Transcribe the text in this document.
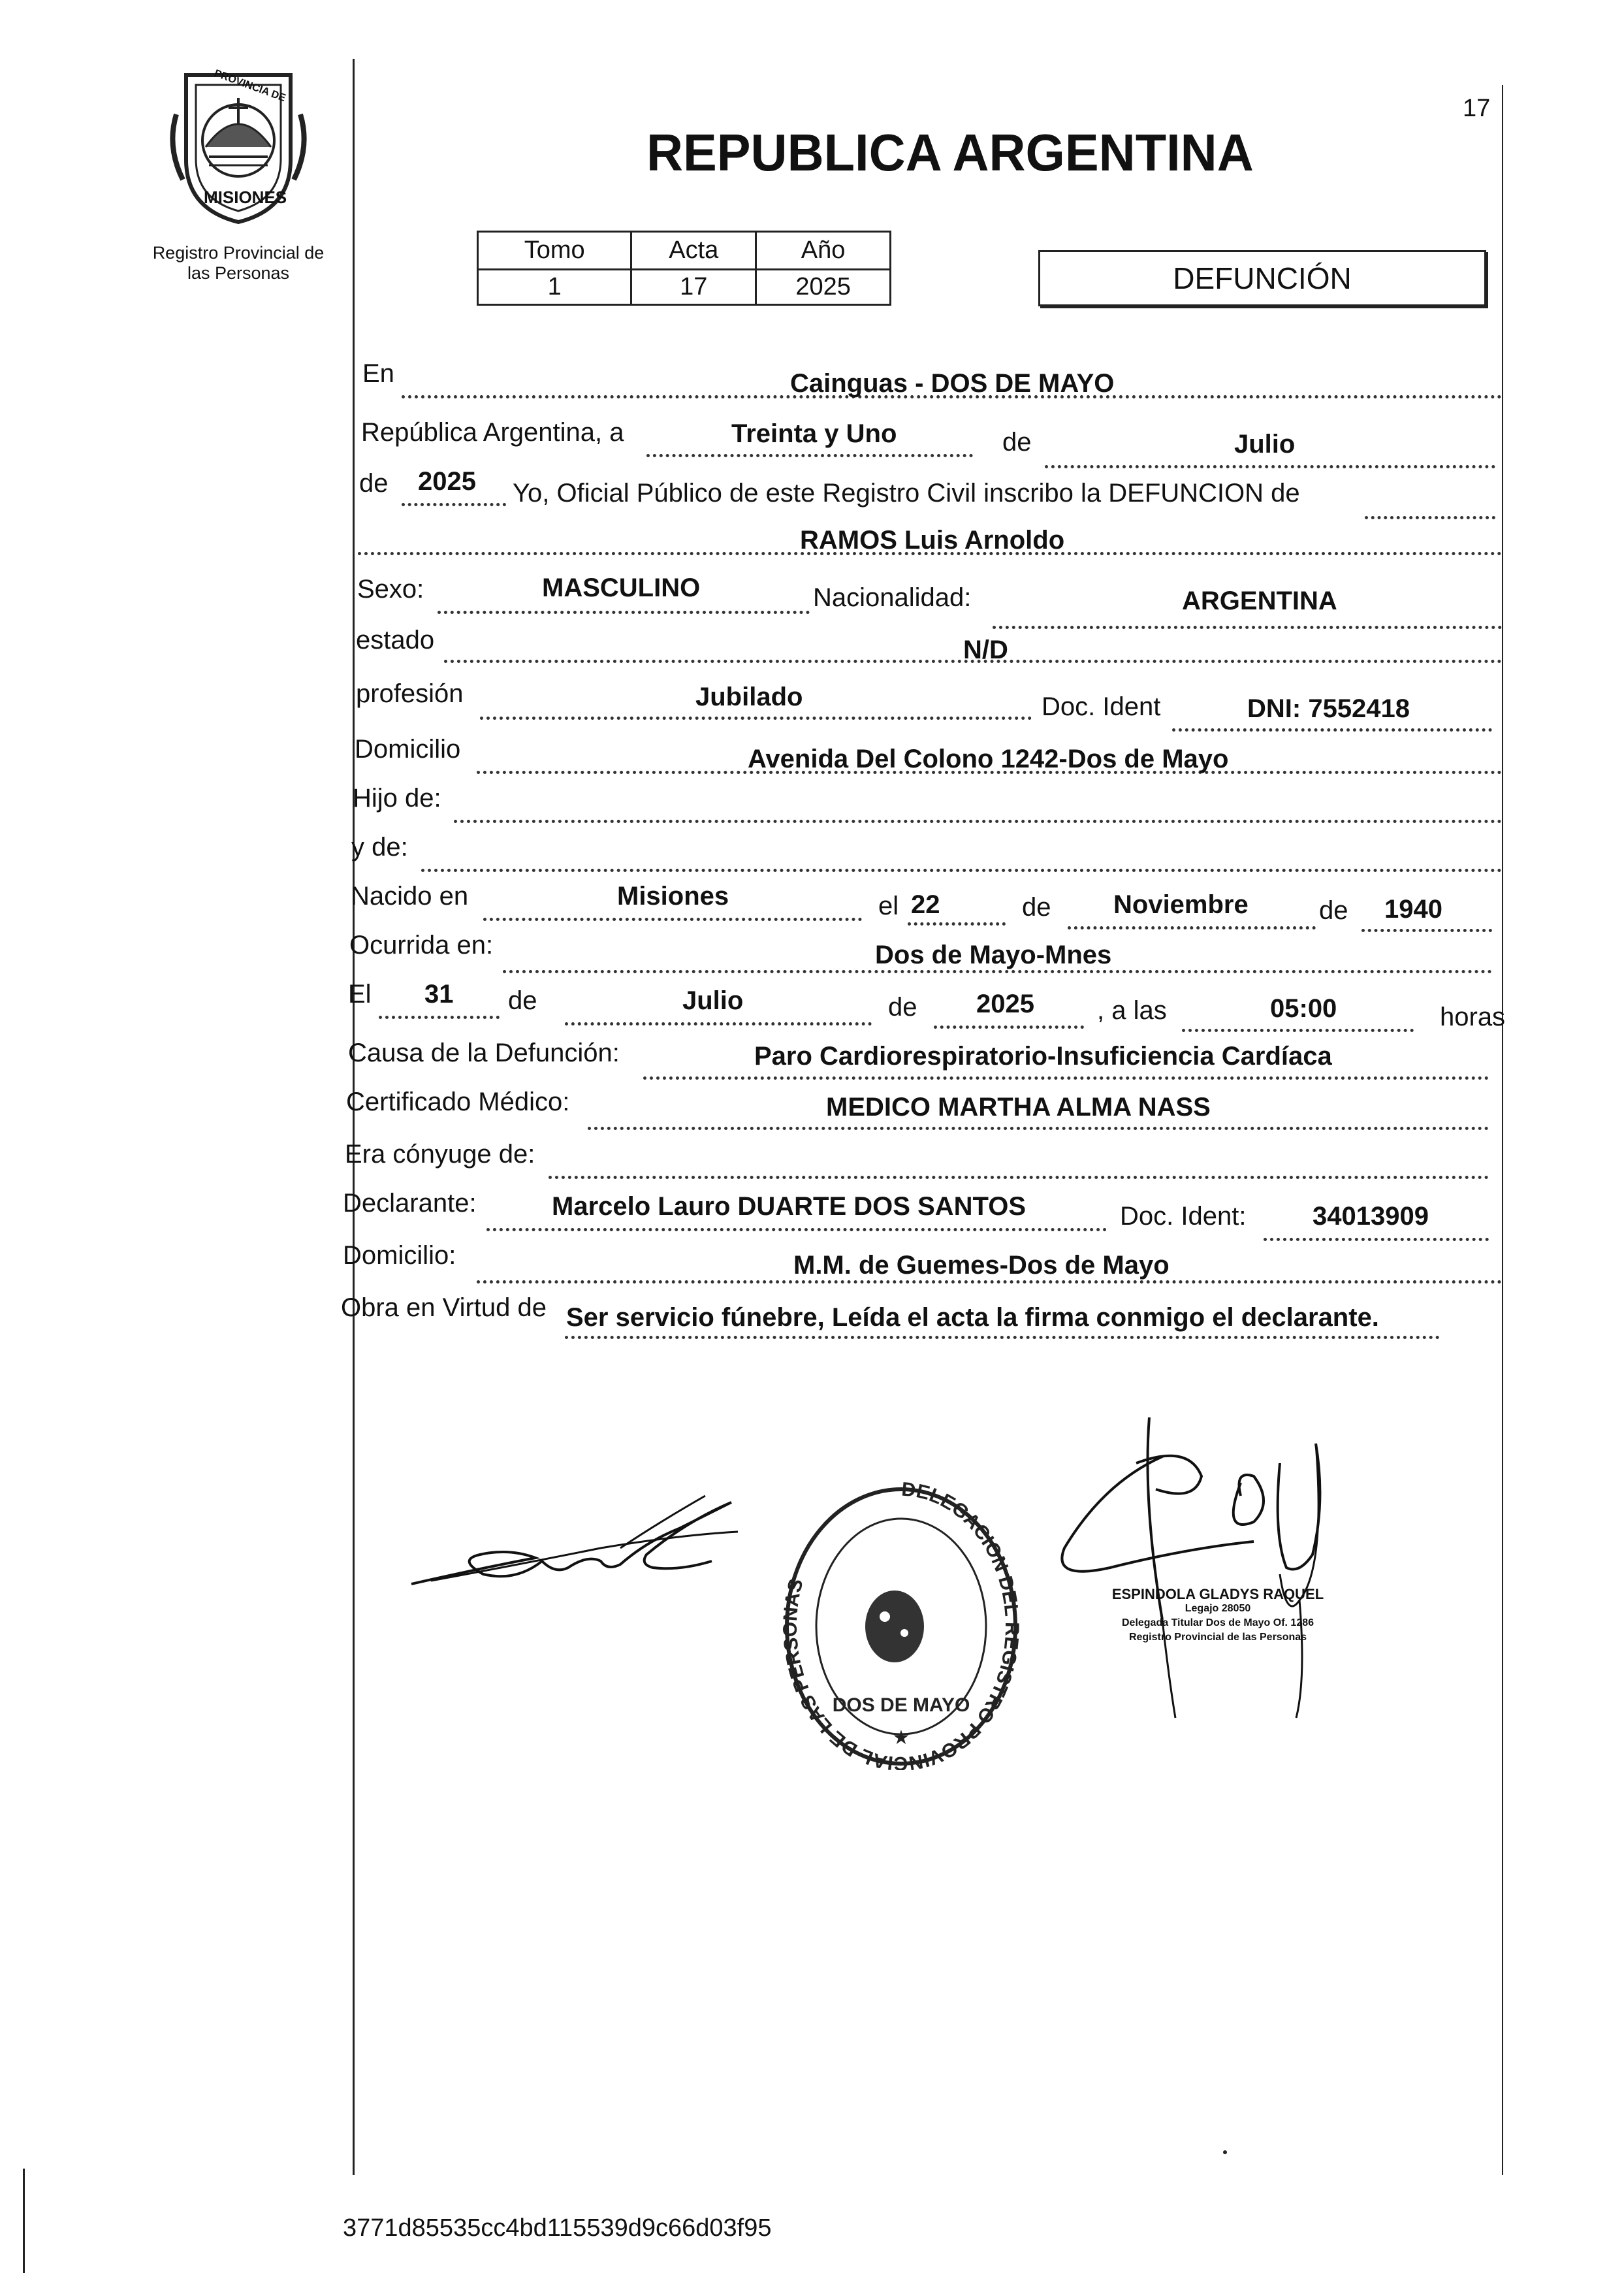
17
PROVINCIA DE
MISIONES
Registro Provincial de
las Personas
REPUBLICA ARGENTINA
Tomo	Acta	Año
1	17	2025	DEFUNCIÓN
En	Cainguas - DOS DE MAYO
República Argentina, a	Treinta y Uno	de	Julio
de 2025 Yo, Oficial Público de este Registro Civil inscribo la DEFUNCION de
RAMOS Luis Arnoldo
Sexo:	MASCULINO	Nacionalidad:	ARGENTINA
estado	N/D
profesión	Jubilado	Doc. Ident	DNI: 7552418
Domicilio	Avenida Del Colono 1242-Dos de Mayo
Hijo de:
y de:
Nacido en	Misiones	el 22	de Noviembre	de 1940
Ocurrida en:	Dos de Mayo-Mnes
El 31 de	Julio	de 2025 , a las	05:00	horas
Causa de la Defunción:	Paro Cardiorespiratorio-Insuficiencia Cardíaca
Certificado Médico:	MEDICO MARTHA ALMA NASS
Era cónyuge de:
Declarante:	Marcelo Lauro DUARTE DOS SANTOS	Doc. Ident:	34013909
Domicilio:	M.M. de Guemes-Dos de Mayo
Obra en Virtud de Ser servicio fúnebre, Leída el acta la firma conmigo el declarante.
DELEGACION DEL REGISTRO PROVINCIAL DE LAS PERSONAS
DOS DE MAYO
★
ESPINDOLA GLADYS RAQUEL
Legajo 28050
Delegada Titular Dos de Mayo Of. 1286
Registro Provincial de las Personas
3771d85535cc4bd115539d9c66d03f95
